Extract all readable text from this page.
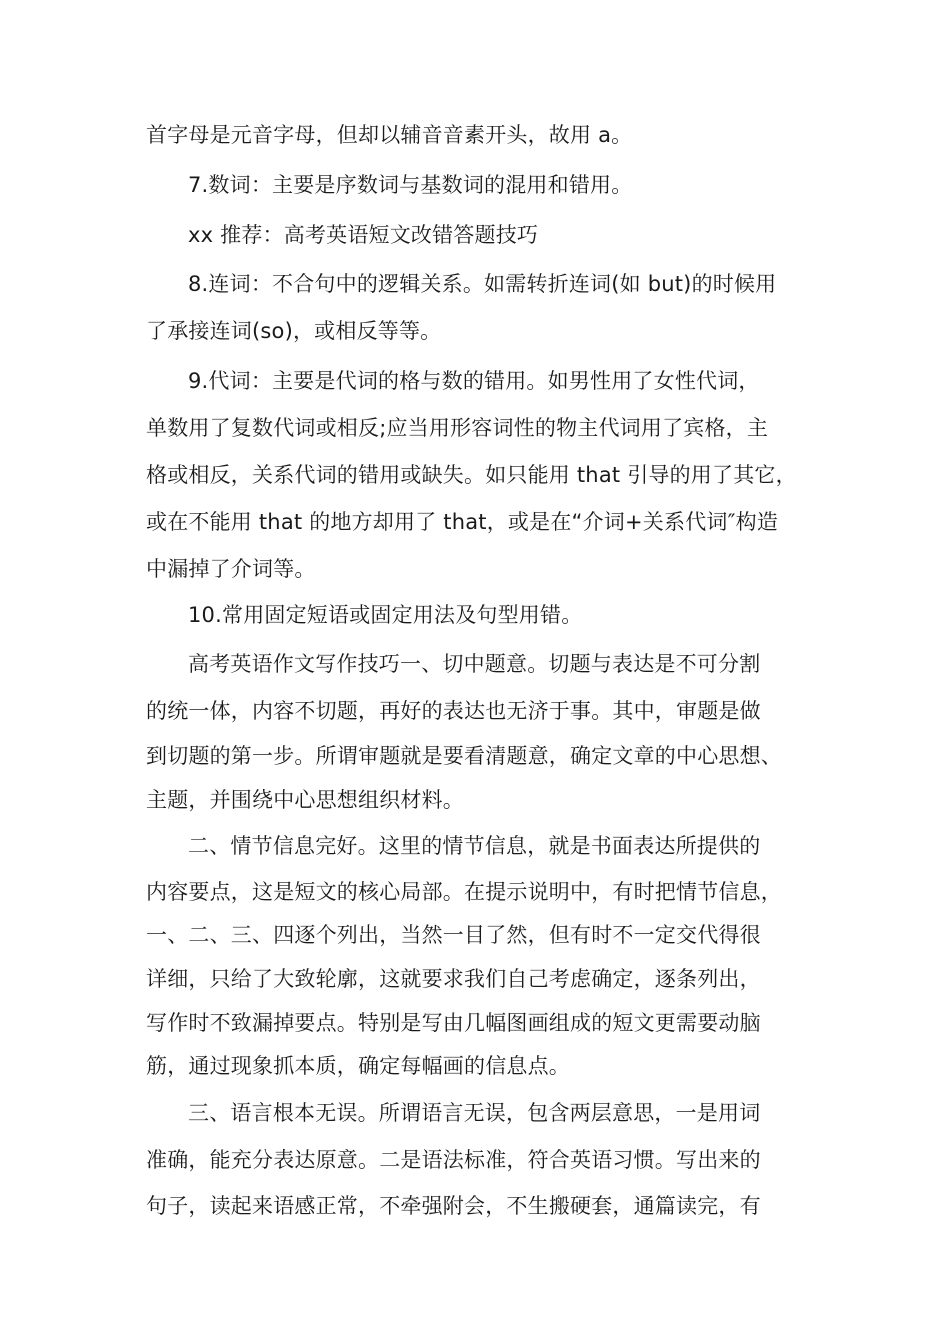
首字母是元音字母，但却以辅音音素开头，故用 a。
7.数词：主要是序数词与基数词的混用和错用。
xx 推荐：高考英语短文改错答题技巧
8.连词：不合句中的逻辑关系。如需转折连词(如 but)的时候用
了承接连词(so)，或相反等等。
9.代词：主要是代词的格与数的错用。如男性用了女性代词，
单数用了复数代词或相反;应当用形容词性的物主代词用了宾格，主
格或相反，关系代词的错用或缺失。如只能用 that 引导的用了其它，
或在不能用 that 的地方却用了 that，或是在“介词+关系代词″构造
中漏掉了介词等。
10.常用固定短语或固定用法及句型用错。
高考英语作文写作技巧一、切中题意。切题与表达是不可分割
的统一体，内容不切题，再好的表达也无济于事。其中，审题是做
到切题的第一步。所谓审题就是要看清题意，确定文章的中心思想、
主题，并围绕中心思想组织材料。
二、情节信息完好。这里的情节信息，就是书面表达所提供的
内容要点，这是短文的核心局部。在提示说明中，有时把情节信息，
一、二、三、四逐个列出，当然一目了然，但有时不一定交代得很
详细，只给了大致轮廓，这就要求我们自己考虑确定，逐条列出，
写作时不致漏掉要点。特别是写由几幅图画组成的短文更需要动脑
筋，通过现象抓本质，确定每幅画的信息点。
三、语言根本无误。所谓语言无误，包含两层意思，一是用词
准确，能充分表达原意。二是语法标准，符合英语习惯。写出来的
句子，读起来语感正常，不牵强附会，不生搬硬套，通篇读完，有
